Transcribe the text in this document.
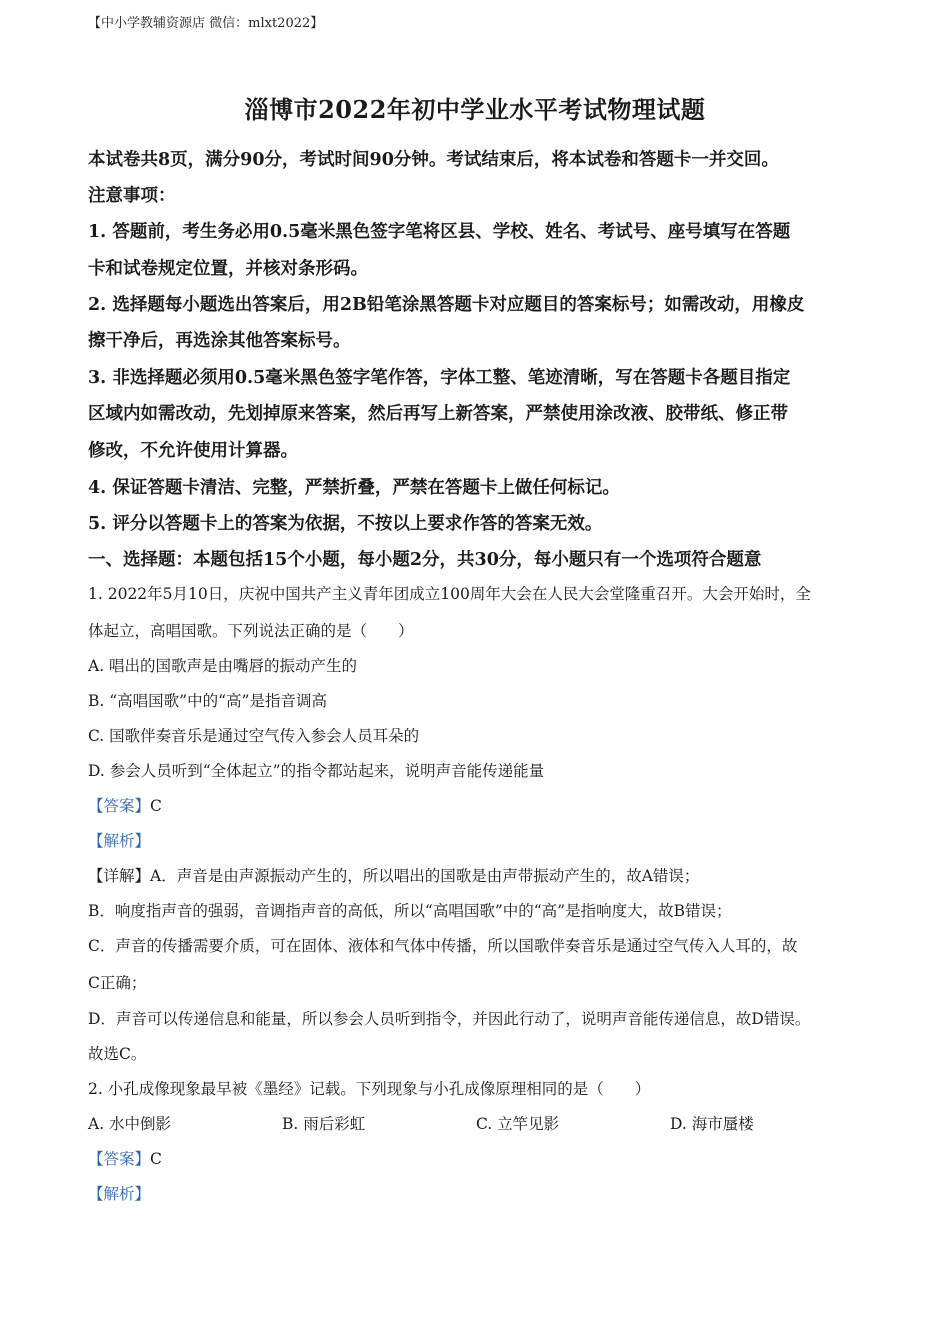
【中小学教辅资源店 微信：mlxt2022】
淄博市2022年初中学业水平考试物理试题
本试卷共8页，满分90分，考试时间90分钟。考试结束后，将本试卷和答题卡一并交回。
注意事项：
1. 答题前，考生务必用0.5毫米黑色签字笔将区县、学校、姓名、考试号、座号填写在答题
卡和试卷规定位置，并核对条形码。
2. 选择题每小题选出答案后，用2B铅笔涂黑答题卡对应题目的答案标号；如需改动，用橡皮
擦干净后，再选涂其他答案标号。
3. 非选择题必须用0.5毫米黑色签字笔作答，字体工整、笔迹清晰，写在答题卡各题目指定
区域内如需改动，先划掉原来答案，然后再写上新答案，严禁使用涂改液、胶带纸、修正带
修改，不允许使用计算器。
4. 保证答题卡清洁、完整，严禁折叠，严禁在答题卡上做任何标记。
5. 评分以答题卡上的答案为依据，不按以上要求作答的答案无效。
一、选择题：本题包括15个小题，每小题2分，共30分，每小题只有一个选项符合题意
1. 2022年5月10日，庆祝中国共产主义青年团成立100周年大会在人民大会堂隆重召开。大会开始时，全
体起立，高唱国歌。下列说法正确的是（　　）
A. 唱出的国歌声是由嘴唇的振动产生的
B. “高唱国歌”中的“高”是指音调高
C. 国歌伴奏音乐是通过空气传入参会人员耳朵的
D. 参会人员听到“全体起立”的指令都站起来，说明声音能传递能量
【答案】C
【解析】
【详解】A．声音是由声源振动产生的，所以唱出的国歌是由声带振动产生的，故A错误；
B．响度指声音的强弱，音调指声音的高低，所以“高唱国歌”中的“高”是指响度大，故B错误；
C．声音的传播需要介质，可在固体、液体和气体中传播，所以国歌伴奏音乐是通过空气传入人耳的，故
C正确；
D．声音可以传递信息和能量，所以参会人员听到指令，并因此行动了，说明声音能传递信息，故D错误。
故选C。
2. 小孔成像现象最早被《墨经》记载。下列现象与小孔成像原理相同的是（　　）
A. 水中倒影	B. 雨后彩虹	C. 立竿见影	D. 海市蜃楼
【答案】C
【解析】
